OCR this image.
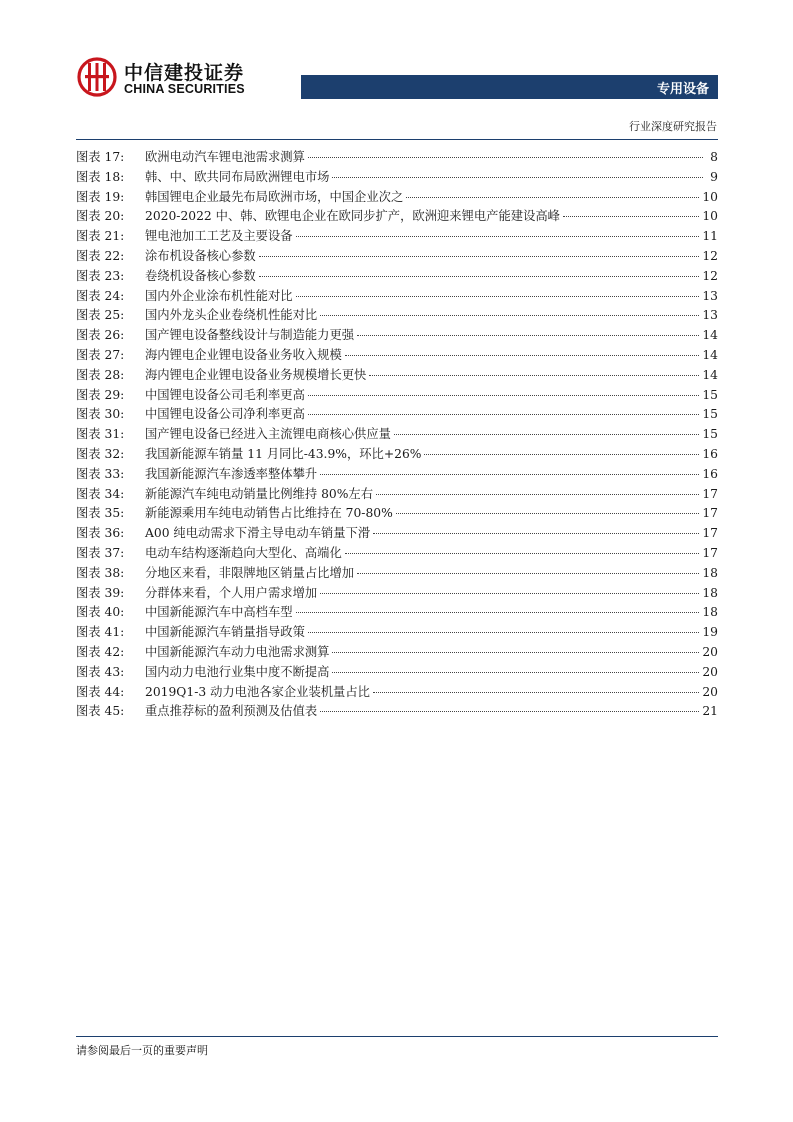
中信建投证券
CHINA SECURITIES	专用设备
行业深度研究报告
图表 17:	欧洲电动汽车锂电池需求测算	8
图表 18:	韩、中、欧共同布局欧洲锂电市场	9
图表 19:	韩国锂电企业最先布局欧洲市场，中国企业次之	10
图表 20:	2020-2022 中、韩、欧锂电企业在欧同步扩产，欧洲迎来锂电产能建设高峰	10
图表 21:	锂电池加工工艺及主要设备	11
图表 22:	涂布机设备核心参数	12
图表 23:	卷绕机设备核心参数	12
图表 24:	国内外企业涂布机性能对比	13
图表 25:	国内外龙头企业卷绕机性能对比	13
图表 26:	国产锂电设备整线设计与制造能力更强	14
图表 27:	海内锂电企业锂电设备业务收入规模	14
图表 28:	海内锂电企业锂电设备业务规模增长更快	14
图表 29:	中国锂电设备公司毛利率更高	15
图表 30:	中国锂电设备公司净利率更高	15
图表 31:	国产锂电设备已经进入主流锂电商核心供应量	15
图表 32:	我国新能源车销量 11 月同比-43.9%，环比+26%	16
图表 33:	我国新能源汽车渗透率整体攀升	16
图表 34:	新能源汽车纯电动销量比例维持 80%左右	17
图表 35:	新能源乘用车纯电动销售占比维持在 70-80%	17
图表 36:	A00 纯电动需求下滑主导电动车销量下滑	17
图表 37:	电动车结构逐渐趋向大型化、高端化	17
图表 38:	分地区来看，非限牌地区销量占比增加	18
图表 39:	分群体来看，个人用户需求增加	18
图表 40:	中国新能源汽车中高档车型	18
图表 41:	中国新能源汽车销量指导政策	19
图表 42:	中国新能源汽车动力电池需求测算	20
图表 43:	国内动力电池行业集中度不断提高	20
图表 44:	2019Q1-3 动力电池各家企业装机量占比	20
图表 45:	重点推荐标的盈利预测及估值表	21
请参阅最后一页的重要声明
